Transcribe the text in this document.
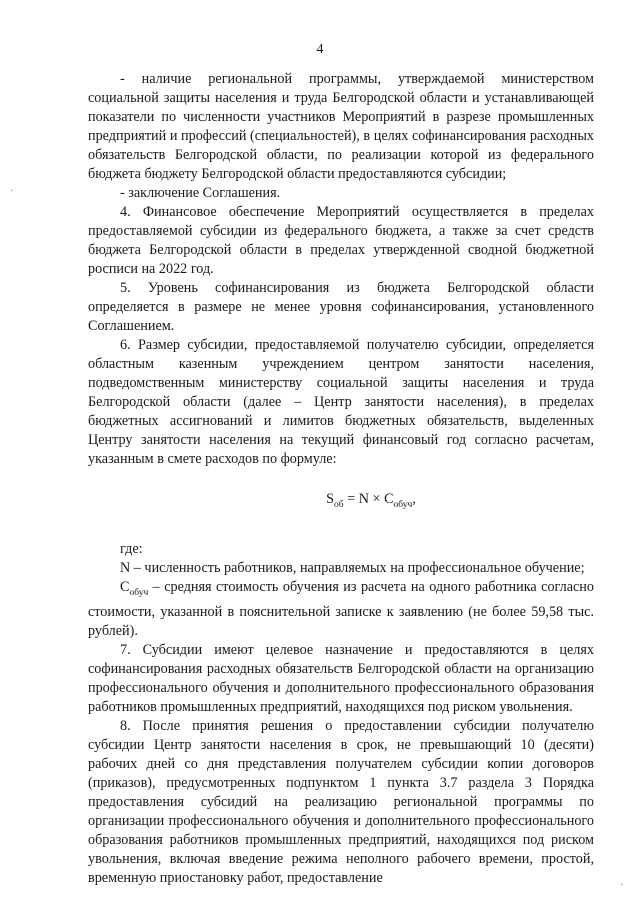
4

- наличие региональной программы, утверждаемой министерством социальной защиты населения и труда Белгородской области и устанавливающей показатели по численности участников Мероприятий в разрезе промышленных предприятий и профессий (специальностей), в целях софинансирования расходных обязательств Белгородской области, по реализации которой из федерального бюджета бюджету Белгородской области предоставляются субсидии;

- заключение Соглашения.

4. Финансовое обеспечение Мероприятий осуществляется в пределах предоставляемой субсидии из федерального бюджета, а также за счет средств бюджета Белгородской области в пределах утвержденной сводной бюджетной росписи на 2022 год.

5. Уровень софинансирования из бюджета Белгородской области определяется в размере не менее уровня софинансирования, установленного Соглашением.

6. Размер субсидии, предоставляемой получателю субсидии, определяется областным казенным учреждением центром занятости населения, подведомственным министерству социальной защиты населения и труда Белгородской области (далее – Центр занятости населения), в пределах бюджетных ассигнований и лимитов бюджетных обязательств, выделенных Центру занятости населения на текущий финансовый год согласно расчетам, указанным в смете расходов по формуле:

$S_{об} = N \times C_{обуч}$,

где:

N – численность работников, направляемых на профессиональное обучение;

$C_{обуч}$ – средняя стоимость обучения из расчета на одного работника согласно стоимости, указанной в пояснительной записке к заявлению (не более 59,58 тыс. рублей).

7. Субсидии имеют целевое назначение и предоставляются в целях софинансирования расходных обязательств Белгородской области на организацию профессионального обучения и дополнительного профессионального образования работников промышленных предприятий, находящихся под риском увольнения.

8. После принятия решения о предоставлении субсидии получателю субсидии Центр занятости населения в срок, не превышающий 10 (десяти) рабочих дней со дня представления получателем субсидии копии договоров (приказов), предусмотренных подпунктом 1 пункта 3.7 раздела 3 Порядка предоставления субсидий на реализацию региональной программы по организации профессионального обучения и дополнительного профессионального образования работников промышленных предприятий, находящихся под риском увольнения, включая введение режима неполного рабочего времени, простой, временную приостановку работ, предоставление

·
·
